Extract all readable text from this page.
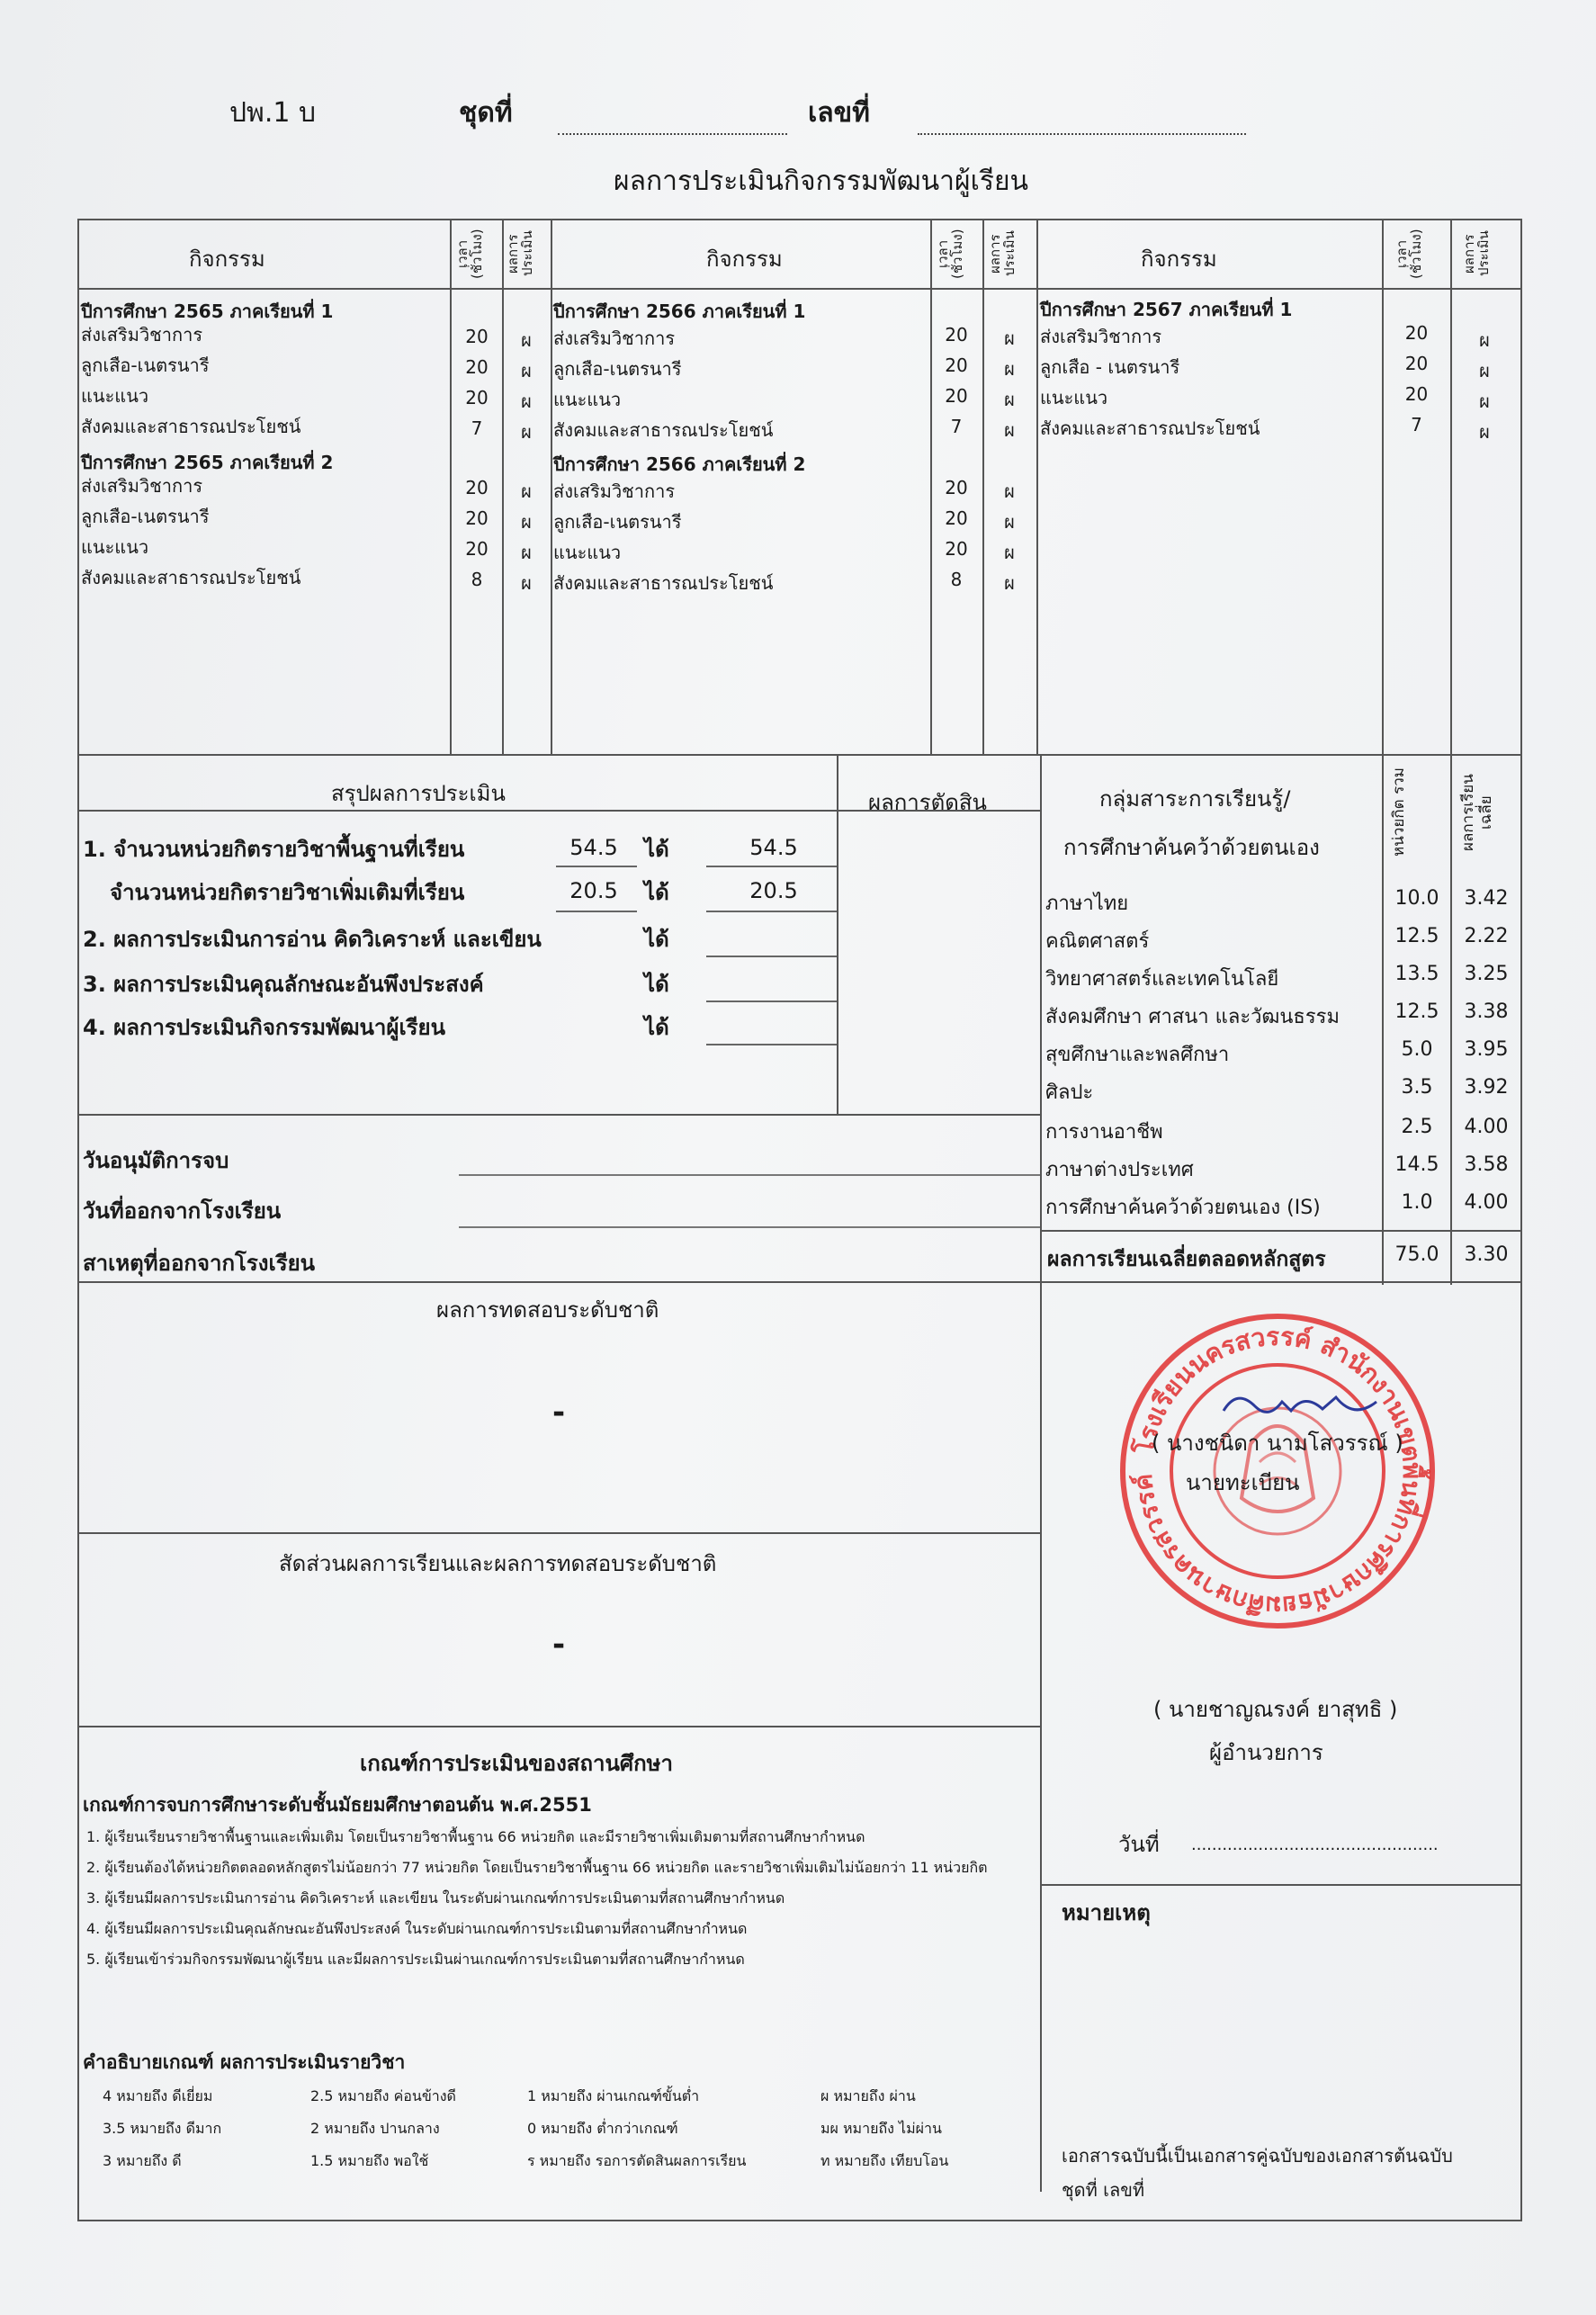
ปพ.1 บ	ชุดที่	เลขที่
ผลการประเมินกิจกรรมพัฒนาผู้เรียน
กิจกรรม	เวลา (ชั่วโมง)	ผลการ ประเมิน	กิจกรรม	เวลา (ชั่วโมง)	ผลการ ประเมิน	กิจกรรม	เวลา (ชั่วโมง)	ผลการ ประเมิน
ปีการศึกษา 2565 ภาคเรียนที่ 1
ส่งเสริมวิชาการ	20	ผ
ลูกเสือ-เนตรนารี	20	ผ
แนะแนว	20	ผ
สังคมและสาธารณประโยชน์	7	ผ
ปีการศึกษา 2565 ภาคเรียนที่ 2
ส่งเสริมวิชาการ	20	ผ
ลูกเสือ-เนตรนารี	20	ผ
แนะแนว	20	ผ
สังคมและสาธารณประโยชน์	8	ผ
ปีการศึกษา 2566 ภาคเรียนที่ 1
ส่งเสริมวิชาการ	20	ผ
ลูกเสือ-เนตรนารี	20	ผ
แนะแนว	20	ผ
สังคมและสาธารณประโยชน์	7	ผ
ปีการศึกษา 2566 ภาคเรียนที่ 2
ส่งเสริมวิชาการ	20	ผ
ลูกเสือ-เนตรนารี	20	ผ
แนะแนว	20	ผ
สังคมและสาธารณประโยชน์	8	ผ
ปีการศึกษา 2567 ภาคเรียนที่ 1
ส่งเสริมวิชาการ	20	ผ
ลูกเสือ - เนตรนารี	20	ผ
แนะแนว	20	ผ
สังคมและสาธารณประโยชน์	7	ผ
สรุปผลการประเมิน	ผลการตัดสิน
1. จำนวนหน่วยกิตรายวิชาพื้นฐานที่เรียน	54.5	ได้	54.5
จำนวนหน่วยกิตรายวิชาเพิ่มเติมที่เรียน	20.5	ได้	20.5
2. ผลการประเมินการอ่าน คิดวิเคราะห์ และเขียน	ได้
3. ผลการประเมินคุณลักษณะอันพึงประสงค์	ได้
4. ผลการประเมินกิจกรรมพัฒนาผู้เรียน	ได้
วันอนุมัติการจบ
วันที่ออกจากโรงเรียน
สาเหตุที่ออกจากโรงเรียน
กลุ่มสาระการเรียนรู้/
การศึกษาค้นคว้าด้วยตนเอง	หน่วยกิต รวม	ผลการเรียน เฉลี่ย
ภาษาไทย	10.0	3.42
คณิตศาสตร์	12.5	2.22
วิทยาศาสตร์และเทคโนโลยี	13.5	3.25
สังคมศึกษา ศาสนา และวัฒนธรรม	12.5	3.38
สุขศึกษาและพลศึกษา	5.0	3.95
ศิลปะ	3.5	3.92
การงานอาชีพ	2.5	4.00
ภาษาต่างประเทศ	14.5	3.58
การศึกษาค้นคว้าด้วยตนเอง (IS)	1.0	4.00
ผลการเรียนเฉลี่ยตลอดหลักสูตร	75.0	3.30
ผลการทดสอบระดับชาติ
-
สัดส่วนผลการเรียนและผลการทดสอบระดับชาติ
-
เกณฑ์การประเมินของสถานศึกษา
เกณฑ์การจบการศึกษาระดับชั้นมัธยมศึกษาตอนต้น พ.ศ.2551
1. ผู้เรียนเรียนรายวิชาพื้นฐานและเพิ่มเติม โดยเป็นรายวิชาพื้นฐาน 66 หน่วยกิต และมีรายวิชาเพิ่มเติมตามที่สถานศึกษากำหนด
2. ผู้เรียนต้องได้หน่วยกิตตลอดหลักสูตรไม่น้อยกว่า 77 หน่วยกิต โดยเป็นรายวิชาพื้นฐาน 66 หน่วยกิต และรายวิชาเพิ่มเติมไม่น้อยกว่า 11 หน่วยกิต
3. ผู้เรียนมีผลการประเมินการอ่าน คิดวิเคราะห์ และเขียน ในระดับผ่านเกณฑ์การประเมินตามที่สถานศึกษากำหนด
4. ผู้เรียนมีผลการประเมินคุณลักษณะอันพึงประสงค์ ในระดับผ่านเกณฑ์การประเมินตามที่สถานศึกษากำหนด
5. ผู้เรียนเข้าร่วมกิจกรรมพัฒนาผู้เรียน และมีผลการประเมินผ่านเกณฑ์การประเมินตามที่สถานศึกษากำหนด
คำอธิบายเกณฑ์ ผลการประเมินรายวิชา
4 หมายถึง ดีเยี่ยม	2.5 หมายถึง ค่อนข้างดี	1 หมายถึง ผ่านเกณฑ์ขั้นต่ำ	ผ หมายถึง ผ่าน
3.5 หมายถึง ดีมาก	2 หมายถึง ปานกลาง	0 หมายถึง ต่ำกว่าเกณฑ์	มผ หมายถึง ไม่ผ่าน
3 หมายถึง ดี	1.5 หมายถึง พอใช้	ร หมายถึง รอการตัดสินผลการเรียน	ท หมายถึง เทียบโอน
โรงเรียนนครสวรรค์ สำนักงานเขตพื้นที่การศึกษามัธยมศึกษานครสวรรค์
( นางชนิดา นามโสวรรณ์ )
นายทะเบียน
( นายชาญณรงค์ ยาสุทธิ )
ผู้อำนวยการ
วันที่ ................................................
หมายเหตุ
เอกสารฉบับนี้เป็นเอกสารคู่ฉบับของเอกสารต้นฉบับ
ชุดที่ เลขที่
